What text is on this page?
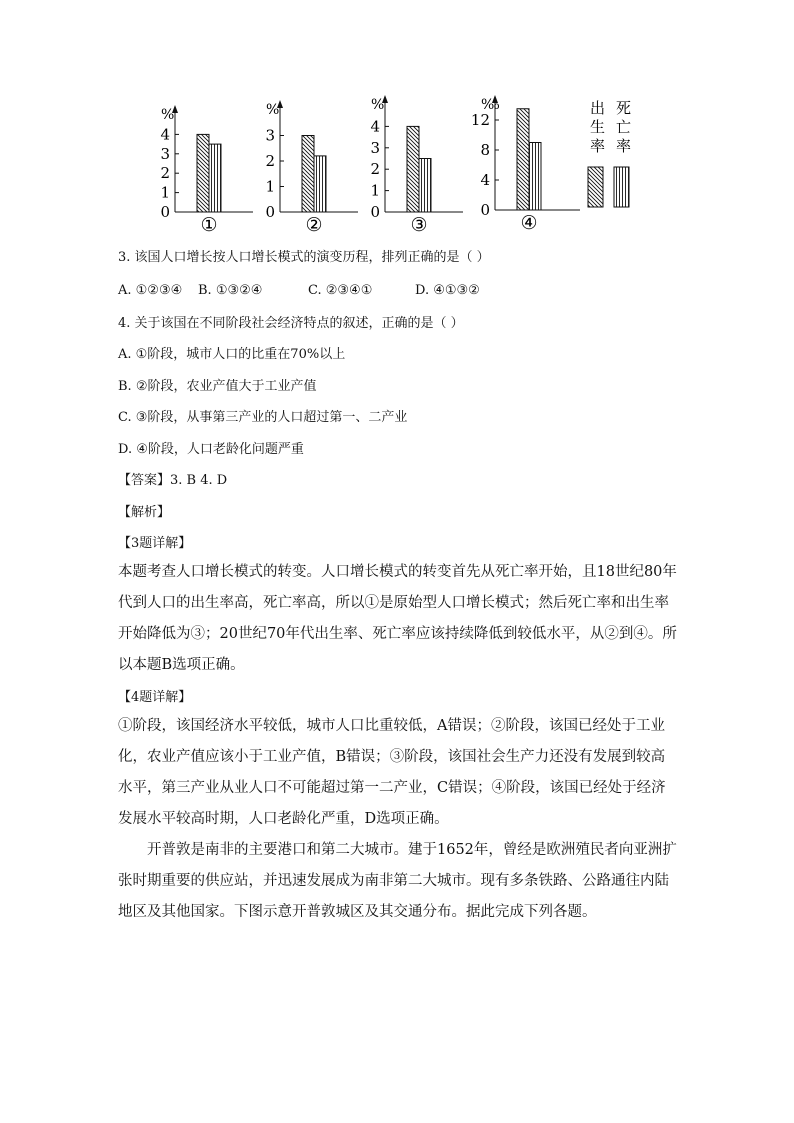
%
0
1
2
3
4
①
%
0
1
2
3
②
%
0
1
2
3
4
③
‰
0
4
8
12
④
出生率
死亡率
3. 该国人口增长按人口增长模式的演变历程，排列正确的是（ ）
A. ①②③④ B. ①③②④	C. ②③④①	D. ④①③②
4. 关于该国在不同阶段社会经济特点的叙述，正确的是（ ）
A. ①阶段，城市人口的比重在70%以上
B. ②阶段，农业产值大于工业产值
C. ③阶段，从事第三产业的人口超过第一、二产业
D. ④阶段，人口老龄化问题严重
【答案】3. B 4. D
【解析】
【3题详解】

本题考查人口增长模式的转变。人口增长模式的转变首先从死亡率开始，且18世纪80年代到人口的出生率高，死亡率高，所以①是原始型人口增长模式；然后死亡率和出生率开始降低为③；20世纪70年代出生率、死亡率应该持续降低到较低水平，从②到④。所以本题B选项正确。

【4题详解】

①阶段，该国经济水平较低，城市人口比重较低，A错误；②阶段，该国已经处于工业化，农业产值应该小于工业产值，B错误；③阶段，该国社会生产力还没有发展到较高水平，第三产业从业人口不可能超过第一二产业，C错误；④阶段，该国已经处于经济发展水平较高时期，人口老龄化严重，D选项正确。

开普敦是南非的主要港口和第二大城市。建于1652年，曾经是欧洲殖民者向亚洲扩张时期重要的供应站，并迅速发展成为南非第二大城市。现有多条铁路、公路通往内陆地区及其他国家。下图示意开普敦城区及其交通分布。据此完成下列各题。
